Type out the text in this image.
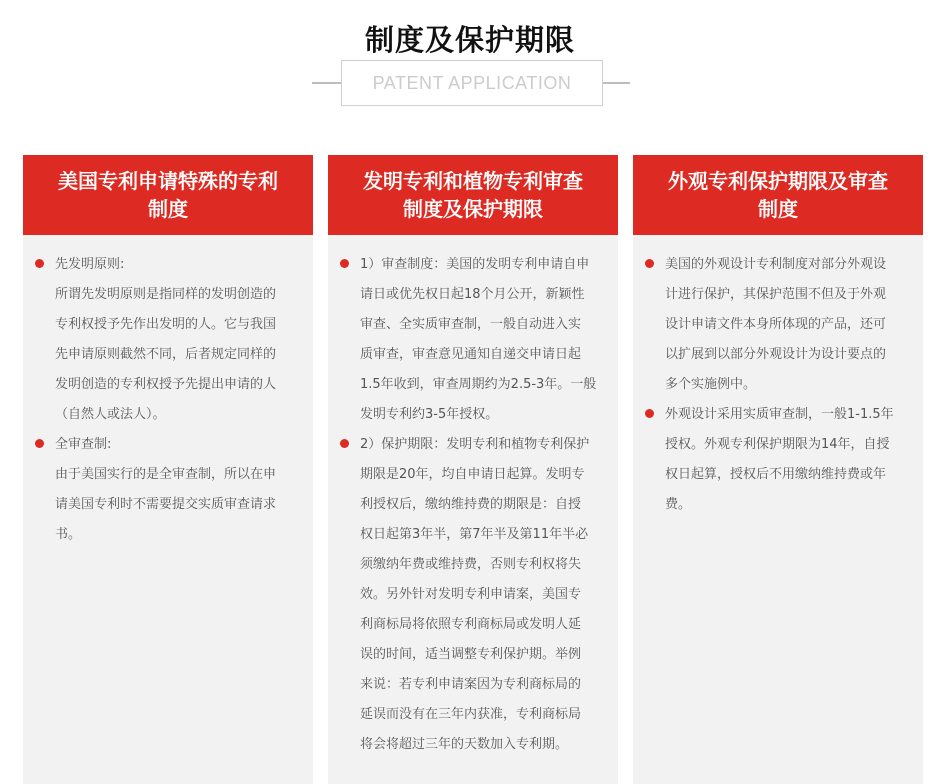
制度及保护期限
PATENT APPLICATION
美国专利申请特殊的专利
制度

先发明原则:
所谓先发明原则是指同样的发明创造的
专利权授予先作出发明的人。它与我国
先申请原则截然不同，后者规定同样的
发明创造的专利权授予先提出申请的人
（自然人或法人）。

全审查制:
由于美国实行的是全审查制，所以在申
请美国专利时不需要提交实质审查请求
书。

发明专利和植物专利审查
制度及保护期限

1）审查制度：美国的发明专利申请自申
请日或优先权日起18个月公开，新颖性
审查、全实质审查制，一般自动进入实
质审查，审查意见通知自递交申请日起
1.5年收到，审查周期约为2.5-3年。一般
发明专利约3-5年授权。

2）保护期限：发明专利和植物专利保护
期限是20年，均自申请日起算。发明专
利授权后，缴纳维持费的期限是：自授
权日起第3年半，第7年半及第11年半必
须缴纳年费或维持费，否则专利权将失
效。另外针对发明专利申请案，美国专
利商标局将依照专利商标局或发明人延
误的时间，适当调整专利保护期。举例
来说：若专利申请案因为专利商标局的
延误而没有在三年内获准，专利商标局
将会将超过三年的天数加入专利期。

外观专利保护期限及审查
制度

美国的外观设计专利制度对部分外观设
计进行保护，其保护范围不但及于外观
设计申请文件本身所体现的产品，还可
以扩展到以部分外观设计为设计要点的
多个实施例中。

外观设计采用实质审查制，一般1-1.5年
授权。外观专利保护期限为14年，自授
权日起算，授权后不用缴纳维持费或年
费。
